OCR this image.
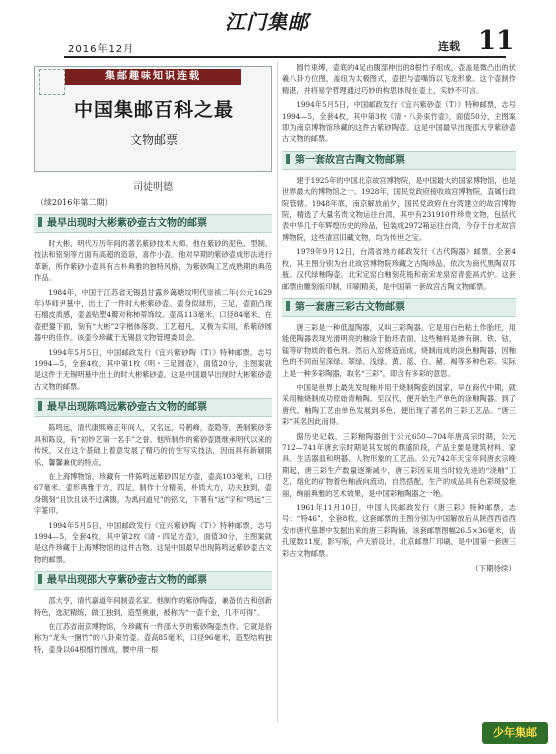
2016年12月
江门集邮
连载 11
集邮趣味知识连载
中国集邮百科之最
文物邮票
司徒明德
（续2016年第二期）
最早出现时大彬紫砂壶古文物的邮票

时大彬，明代万历年间的著名紫砂技术大师。他在紫砂的泥色、型制、技法和铭刻等方面有高超的造诣，喜作小壶。他对早期的紫砂壶成形法进行革新，所作紫砂小壶具有古朴典雅的独特风格，为紫砂陶工艺成熟期的典范作品。

1984年，中国于江苏省无锡县甘露乡蔼塘坟明代崇祯二年(公元1629年)华师尹墓中，出土了一件时大彬紫砂壶。壶身似球形，三足，壶面凸现石榴皮质感，壶盖贴塑4瓣对称柿蒂饰纹。壶高113毫米，口径84毫米。在壶把鋬下面，刻有“大彬”2字楷体落款。工艺超凡，又极为实用，系紫砂圆器中的佳作。该壶今珍藏于无锡县文物管理委员会。

1994年5月5日，中国邮政发行《宜兴紫砂陶（T）》特种邮票，志号1994—5，全套4枚，其中第1枚《明・三足圆壶》，面值20分，主图案就是这件于无锡明墓中出土的时大彬紫砂壶。这是中国最早出现时大彬紫砂壶古文物的邮票。

最早出现陈鸣远紫砂壶古文物的邮票

陈鸣远，清代康熙雍正年间人，又名远，号鹤峰，壶隐等，善制紫砂茶具和陈设，有“初炒艺第一名手”之誉。他所制作的紫砂壶既继承明代以来的传统，又在这个基础上着意发展了精巧的仿生写实技法，因而具有新颖眼乐，馨馨兼优的特点。

在上海博物馆，珍藏有一件陈鸣远紫砂四足方壶，壶高103毫米，口径67毫米。壶形典雅于方，四足，制作十分精美，朴质大方，功夫独到，壶身镌刻“且饮且谈不过满腹，为禹问道兄”的铭文，下署有“远”字和“鸣远”三字篆印。

1994年5月5日，中国邮政发行《宜兴紫砂陶（T）》特种邮票，志号1994—5，全套4枚，其中第2枚《清・四足方壶》，面值30分，主图案就是这件珍藏于上海博物馆的这件古物。这是中国最早出现陈鸣远紫砂壶古文物的邮票。

最早出现邵大亨紫砂壶古文物的邮票

邵大亨，清代嘉道年间制壶名家。他制作的紫砂陶壶，兼备仿古和创新特色，选泥精练，做工独到，造型奥重，被称为“一壶千金，几不可得”。

在江苏省南京博物馆，今珍藏有一件邵大亨的紫砂陶壶杰作，它就是俗称为“龙头一捆竹”的八卦束竹壶。壶高85毫米，口径96毫米，造型结构独特，壶身以64根细竹围成，腰中用一根

圆竹束缚，壶底的4足由腹部伸出的8根竹子组成，壶盖是微凸出的伏羲八卦方位图，盖纽为太极图式，壶把与壶嘴饰以飞龙形象。这个壶制作精湛，并将易学哲理通过巧妙的构思体现在壶上，实妙不可言。

1994年5月5日，中国邮政发行《宜兴紫砂壶（T）》特种邮票，志号1994—5，全套4枚，其中第3枚《清・八卦束竹壶》，面值50分，主图案即为南京博物馆珍藏的这件古紫砂陶壶。这是中国最早出现邵大亨紫砂壶古文物的邮票。

第一套故宫古陶文物邮票

建于1925年的中国北京故宫博物院，是中国最大的国家博物馆，也是世界最大的博物馆之一。1928年，国民党政府接收故宫博物院，直属行政院管辖。1948年底，南京解放前夕，国民党政府在台湾建立的故宫博物院，精选了大量名贵文物运往台湾，其中有231910件珍贵文物，包括代表中华几千年辉煌历史的珍品，包装成2972箱运往台湾，今存于台北故宫博物院，这些清宫旧藏文物，均为传世之宝。

1979年9月12日，台湾省地方邮政发行《古代陶器》邮票，全套4枚，其主图分别为台北故宫博物院珍藏之古陶珍品，依次为商代黑陶双耳瓶、汉代绿釉陶壶、北宋定窑白釉刻花瓶和南宋龙泉窑青瓷鬲式炉。这套邮票由雕刻版印制，印刷精美，是中国第一套故宫古陶文物邮票。

第一套唐三彩古文物邮票

唐三彩是一种低温陶器，又叫三彩陶器。它是用白色粘土作胎坯，用能使陶器表现光滑明亮的釉涂于胎坯表面，这些釉料是掺有铜、铁、钴、锰等矿物质的着色剂。然后入窑烧造而成。烧制而成的淡色釉陶器，因釉色的不同而呈深绿、翠绿、浅绿、黄、蓝、白、赭、褐等多种色彩。实际上是一种多彩陶器，取名“三彩”，即含有多彩的意思。

中国是世界上最先发现釉并用于烧制陶瓷的国家，早在商代中期，就采用釉烧制成功原始青釉陶。至汉代，便开始生产单色的涂釉陶器。到了唐代，釉陶工艺由单色发展到多色，便出现了著名的三彩工艺品。“唐三彩”其名因此而得。

据历史记载，三彩釉陶器创于公元650—704年唐高宗时期，公元712—741年唐玄宗时期是其发展的鼎盛阶段，产品主要是建筑材料、家具、生活器皿和明器、人物形象的工艺品。公元742年天宝年间唐玄宗晚期起，唐三彩生产数量逐渐减少，唐三彩因采用当时较先进的“浇釉”工艺，熔化的矿物着色釉液向流动，自然搭配，生产的成品具有色彩斑驳艳丽，绚丽典雅的艺术效果，是中国彩釉陶器之一绝。

1961年11月10日，中国人民邮政发行《唐三彩》特种邮票，志号：“特46”，全套8枚，这套邮票的主图分别为中国解放后从陕西西省西安市唐代墓葬中发掘出来的唐三彩陶俑，该套邮票图幅26.5×36毫米，齿孔度数11度，影写版，卢天骄设计，北京邮票厂印刷，是中国第一套唐三彩古文物邮票。

（下期待续）
少年集邮
